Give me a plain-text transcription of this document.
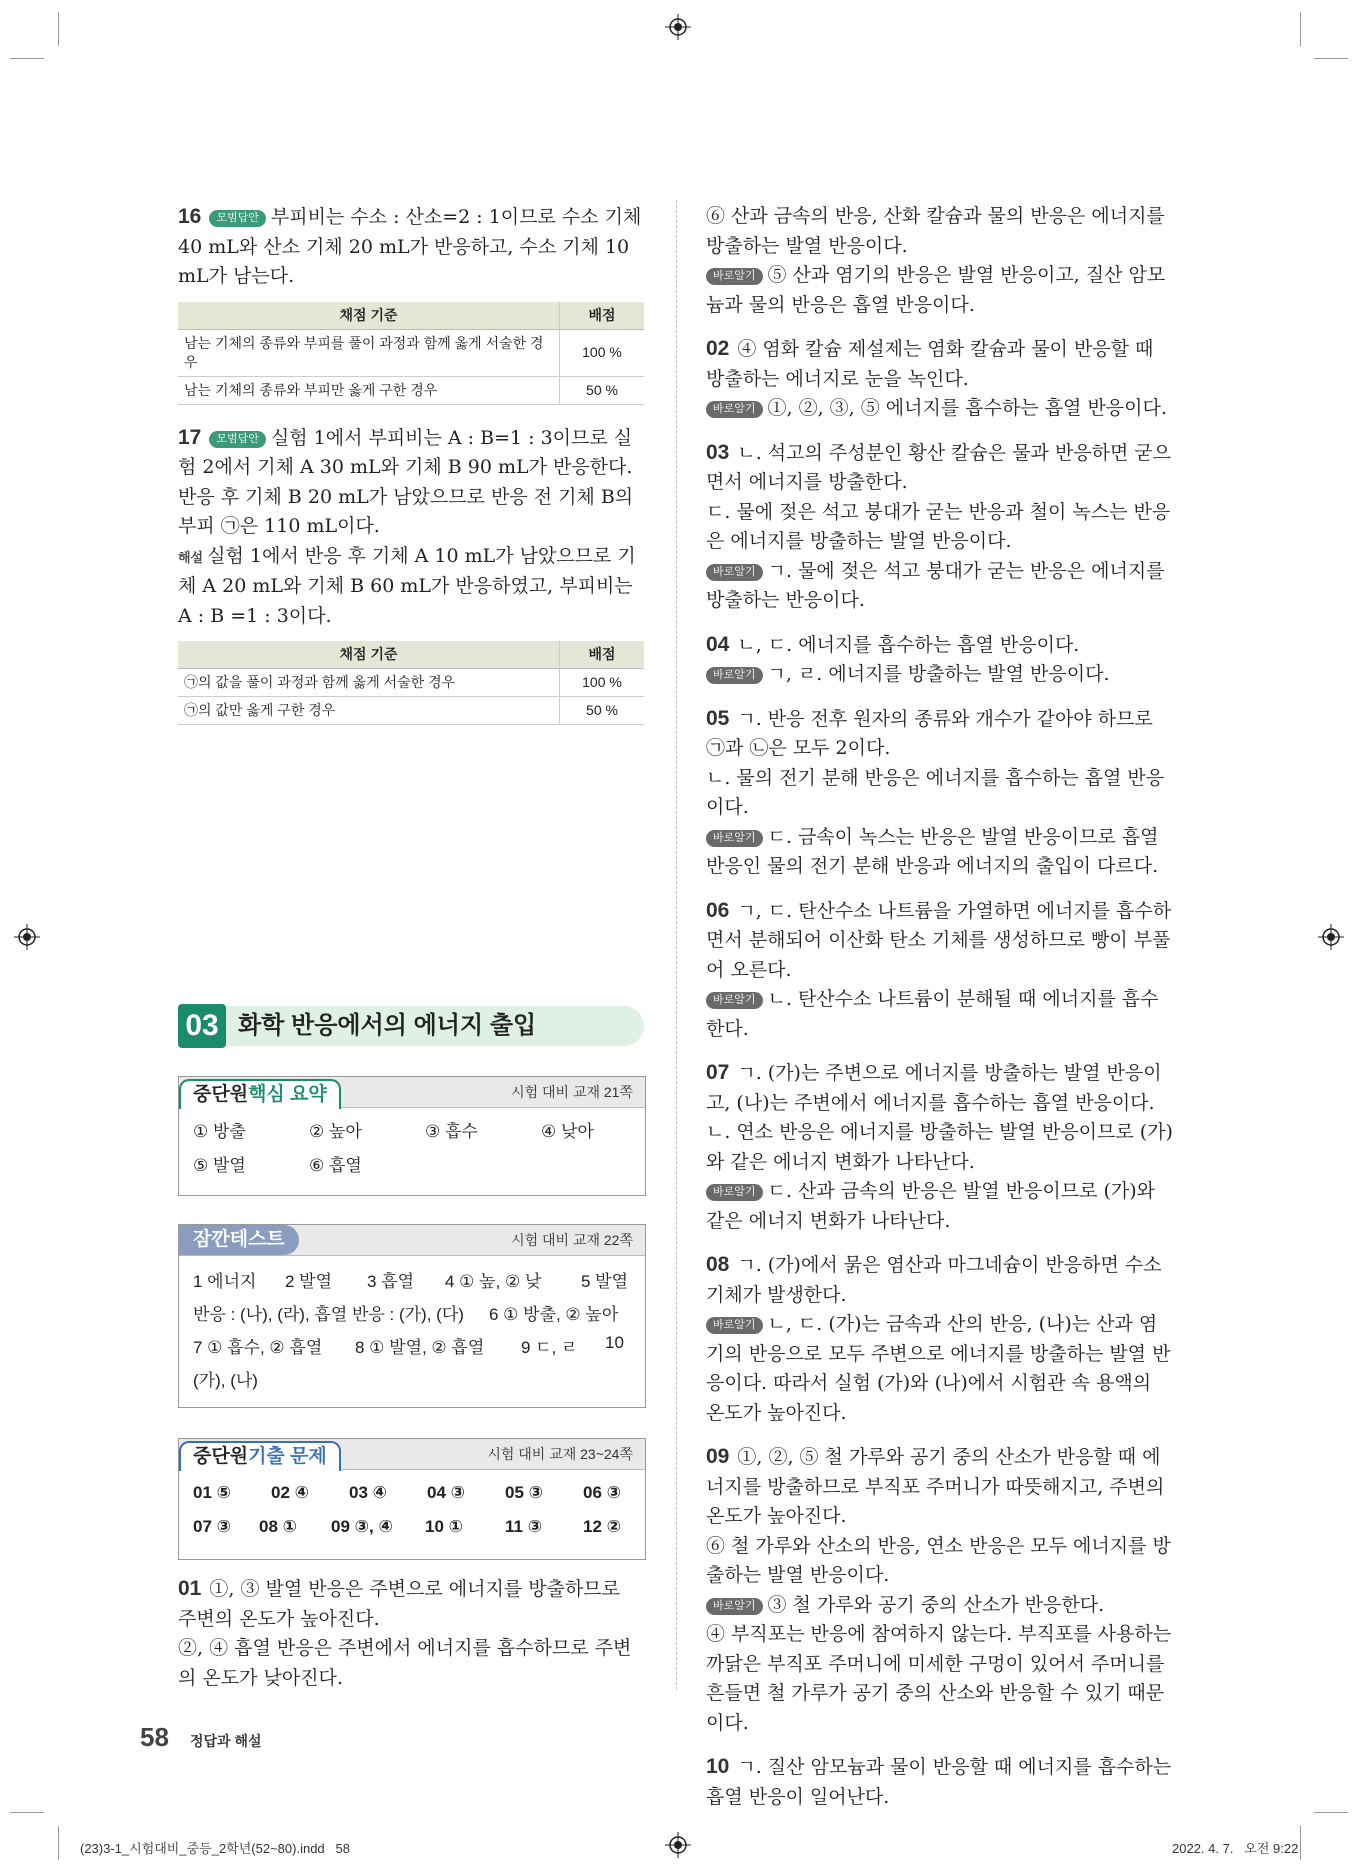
16 모범답안 부피비는 수소 : 산소=2 : 1이므로 수소 기체 40 mL와 산소 기체 20 mL가 반응하고, 수소 기체 10 mL가 남는다.

채점 기준	배점
남는 기체의 종류와 부피를 풀이 과정과 함께 옳게 서술한 경우	100 %
남는 기체의 종류와 부피만 옳게 구한 경우	50 %

17 모범답안 실험 1에서 부피비는 A : B=1 : 3이므로 실험 2에서 기체 A 30 mL와 기체 B 90 mL가 반응한다. 반응 후 기체 B 20 mL가 남았으므로 반응 전 기체 B의 부피 ㉠은 110 mL이다.

해설 실험 1에서 반응 후 기체 A 10 mL가 남았으므로 기체 A 20 mL와 기체 B 60 mL가 반응하였고, 부피비는 A : B =1 : 3이다.

채점 기준	배점
㉠의 값을 풀이 과정과 함께 옳게 서술한 경우	100 %
㉠의 값만 옳게 구한 경우	50 %
03 화학 반응에서의 에너지 출입
중단원핵심 요약	시험 대비 교재 21쪽
① 방출	② 높아	③ 흡수	④ 낮아
⑤ 발열	⑥ 흡열
잠깐테스트	시험 대비 교재 22쪽
1 에너지 2 발열 3 흡열 4 ① 높, ② 낮 5 발열
반응 : (나), (라), 흡열 반응 : (가), (다) 6 ① 방출, ② 높아
7 ① 흡수, ② 흡열 8 ① 발열, ② 흡열 9 ㄷ, ㄹ 10
(가), (나)
중단원기출 문제	시험 대비 교재 23~24쪽
01 ⑤ 02 ④ 03 ④ 04 ③ 05 ③ 06 ③
07 ③ 08 ① 09 ③, ④ 10 ① 11 ③ 12 ②

01 ①, ③ 발열 반응은 주변으로 에너지를 방출하므로 주변의 온도가 높아진다.

②, ④ 흡열 반응은 주변에서 에너지를 흡수하므로 주변의 온도가 낮아진다.

⑥ 산과 금속의 반응, 산화 칼슘과 물의 반응은 에너지를 방출하는 발열 반응이다.

바로알기 ⑤ 산과 염기의 반응은 발열 반응이고, 질산 암모늄과 물의 반응은 흡열 반응이다.

02 ④ 염화 칼슘 제설제는 염화 칼슘과 물이 반응할 때 방출하는 에너지로 눈을 녹인다.

바로알기 ①, ②, ③, ⑤ 에너지를 흡수하는 흡열 반응이다.

03 ㄴ. 석고의 주성분인 황산 칼슘은 물과 반응하면 굳으면서 에너지를 방출한다.

ㄷ. 물에 젖은 석고 붕대가 굳는 반응과 철이 녹스는 반응은 에너지를 방출하는 발열 반응이다.

바로알기 ㄱ. 물에 젖은 석고 붕대가 굳는 반응은 에너지를 방출하는 반응이다.

04 ㄴ, ㄷ. 에너지를 흡수하는 흡열 반응이다.

바로알기 ㄱ, ㄹ. 에너지를 방출하는 발열 반응이다.

05 ㄱ. 반응 전후 원자의 종류와 개수가 같아야 하므로 ㉠과 ㉡은 모두 2이다.

ㄴ. 물의 전기 분해 반응은 에너지를 흡수하는 흡열 반응이다.

바로알기 ㄷ. 금속이 녹스는 반응은 발열 반응이므로 흡열 반응인 물의 전기 분해 반응과 에너지의 출입이 다르다.

06 ㄱ, ㄷ. 탄산수소 나트륨을 가열하면 에너지를 흡수하면서 분해되어 이산화 탄소 기체를 생성하므로 빵이 부풀어 오른다.

바로알기 ㄴ. 탄산수소 나트륨이 분해될 때 에너지를 흡수한다.

07 ㄱ. (가)는 주변으로 에너지를 방출하는 발열 반응이고, (나)는 주변에서 에너지를 흡수하는 흡열 반응이다.

ㄴ. 연소 반응은 에너지를 방출하는 발열 반응이므로 (가)와 같은 에너지 변화가 나타난다.

바로알기 ㄷ. 산과 금속의 반응은 발열 반응이므로 (가)와 같은 에너지 변화가 나타난다.

08 ㄱ. (가)에서 묽은 염산과 마그네슘이 반응하면 수소 기체가 발생한다.

바로알기 ㄴ, ㄷ. (가)는 금속과 산의 반응, (나)는 산과 염기의 반응으로 모두 주변으로 에너지를 방출하는 발열 반응이다. 따라서 실험 (가)와 (나)에서 시험관 속 용액의 온도가 높아진다.

09 ①, ②, ⑤ 철 가루와 공기 중의 산소가 반응할 때 에너지를 방출하므로 부직포 주머니가 따뜻해지고, 주변의 온도가 높아진다.

⑥ 철 가루와 산소의 반응, 연소 반응은 모두 에너지를 방출하는 발열 반응이다.

바로알기 ③ 철 가루와 공기 중의 산소가 반응한다.

④ 부직포는 반응에 참여하지 않는다. 부직포를 사용하는 까닭은 부직포 주머니에 미세한 구멍이 있어서 주머니를 흔들면 철 가루가 공기 중의 산소와 반응할 수 있기 때문이다.

10 ㄱ. 질산 암모늄과 물이 반응할 때 에너지를 흡수하는 흡열 반응이 일어난다.

58 정답과 해설
(23)3-1_시험대비_중등_2학년(52~80).indd   58	2022. 4. 7.   오전 9:22
